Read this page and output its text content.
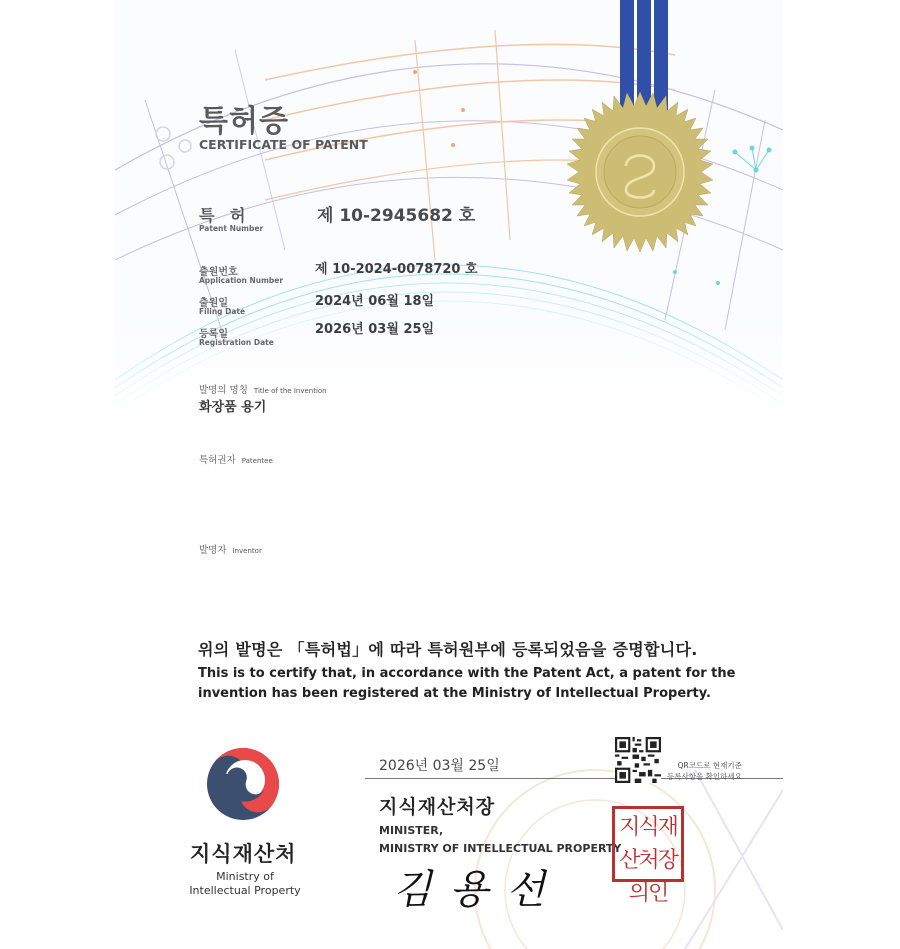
특허증
CERTIFICATE OF PATENT
특 허
Patent Number
제 10-2945682 호
출원번호
Application Number
제 10-2024-0078720 호
출원일
Filing Date
2024년 06월 18일
등록일
Registration Date
2026년 03월 25일
발명의 명칭 Title of the Invention
화장품 용기
특허권자 Patentee
발명자 Inventor
위의 발명은 「특허법」에 따라 특허원부에 등록되었음을 증명합니다.
This is to certify that, in accordance with the Patent Act, a patent for the
invention has been registered at the Ministry of Intellectual Property.
지식재산처
Ministry of Intellectual Property
2026년 03월 25일	QR코드로 현재기준
등록사항을 확인하세요
지식재산처장
MINISTER,
MINISTRY OF INTELLECTUAL PROPERTY
지식재산처장의인
김용선
